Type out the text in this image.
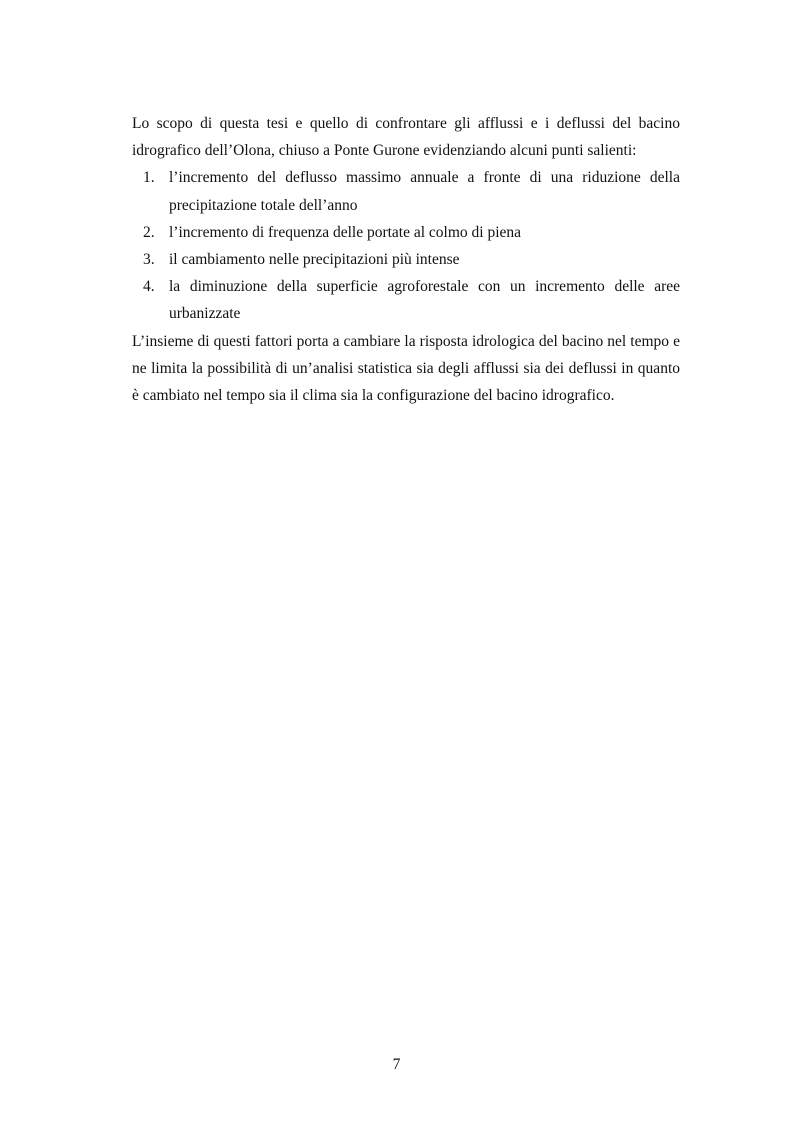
Lo scopo di questa tesi e quello di confrontare gli afflussi e i deflussi del bacino idrografico dell’Olona, chiuso a Ponte Gurone evidenziando alcuni punti salienti:

1. l’incremento del deflusso massimo annuale a fronte di una riduzione della precipitazione totale dell’anno
2. l’incremento di frequenza delle portate al colmo di piena
3. il cambiamento nelle precipitazioni più intense
4. la diminuzione della superficie agroforestale con un incremento delle aree urbanizzate

L’insieme di questi fattori porta a cambiare la risposta idrologica del bacino nel tempo e ne limita la possibilità di un’analisi statistica sia degli afflussi sia dei deflussi in quanto è cambiato nel tempo sia il clima sia la configurazione del bacino idrografico.

7
